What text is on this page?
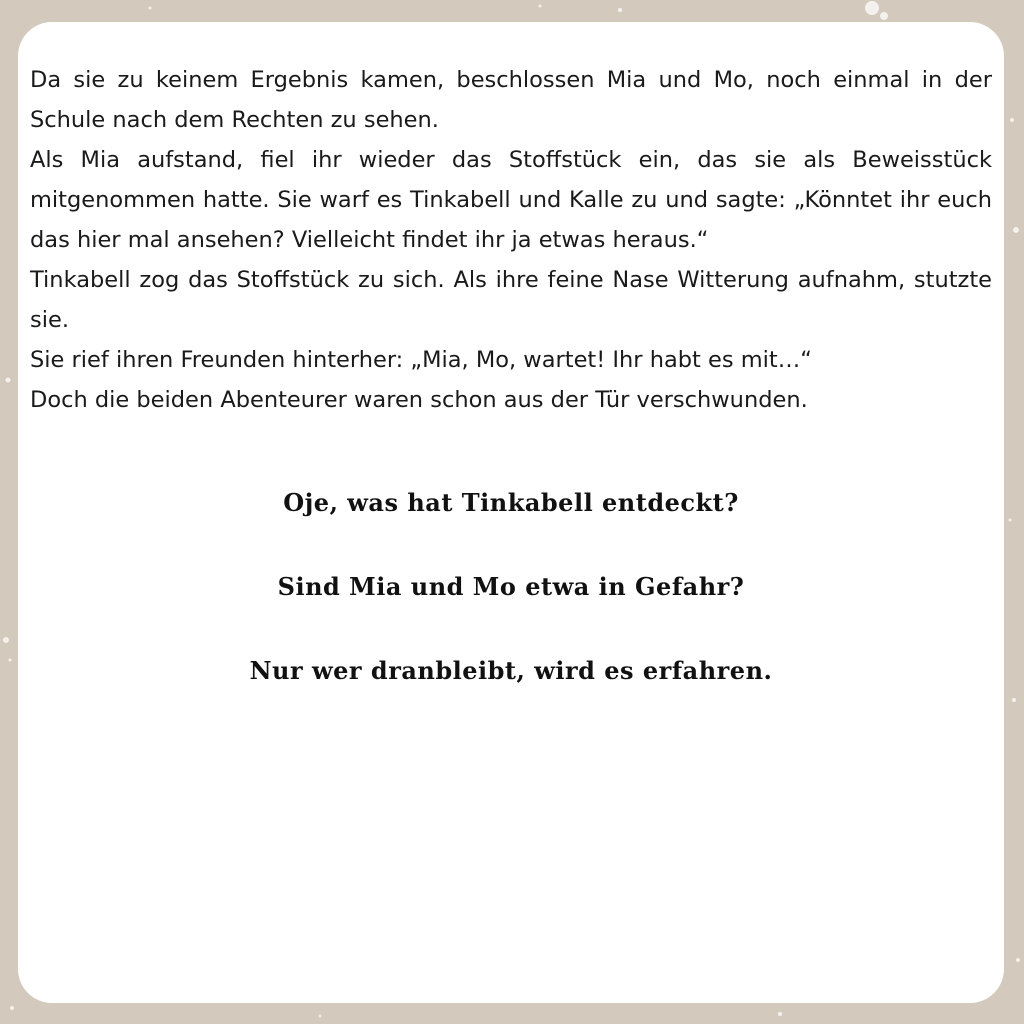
Da sie zu keinem Ergebnis kamen, beschlossen Mia und Mo, noch einmal in der Schule nach dem Rechten zu sehen.

Als Mia aufstand, fiel ihr wieder das Stoffstück ein, das sie als Beweisstück mitgenommen hatte. Sie warf es Tinkabell und Kalle zu und sagte: „Könntet ihr euch das hier mal ansehen? Vielleicht findet ihr ja etwas heraus.“

Tinkabell zog das Stoffstück zu sich. Als ihre feine Nase Witterung aufnahm, stutzte sie.

Sie rief ihren Freunden hinterher: „Mia, Mo, wartet! Ihr habt es mit…“

Doch die beiden Abenteurer waren schon aus der Tür verschwunden.

Oje, was hat Tinkabell entdeckt?
Sind Mia und Mo etwa in Gefahr?
Nur wer dranbleibt, wird es erfahren.
